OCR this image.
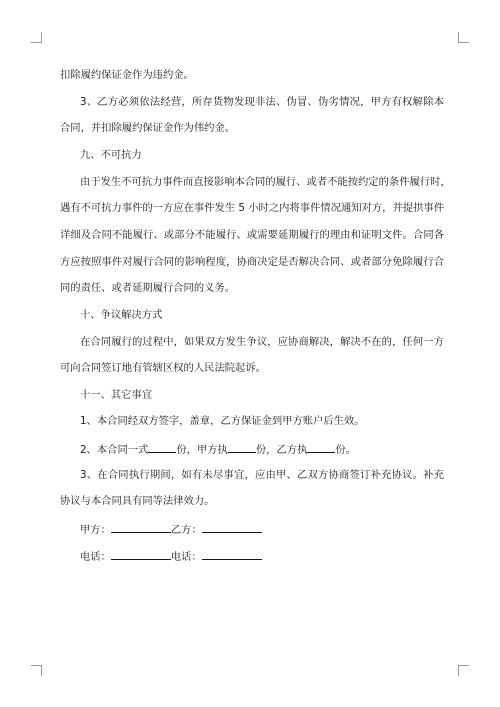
扣除履约保证金作为违约金。
3、乙方必须依法经营，所存货物发现非法、伪冒、伪劣情况，甲方有权解除本
合同，并扣除履约保证金作为伟约金。
九、不可抗力
由于发生不可抗力事件而直接影响本合同的履行、或者不能按约定的条件履行时，
遇有不可抗力事件的一方应在事件发生 5 小时之内将事件情况通知对方，并提拱事件
详细及合同不能履行、或部分不能履行、或需要延期履行的理由和证明文件。合同各
方应按照事件对履行合同的影响程度，协商决定是否解决合同、或者部分免除履行合
同的责任、或者延期履行合同的义务。
十、争议解决方式
在合同履行的过程中，如果双方发生争议，应协商解决，解决不在的，任何一方
可向合同签订地有管辖区权的人民法院起诉。
十一、其它事宜
1、本合同经双方签字，盖章，乙方保证金到甲方账户后生效。
2、本合同一式	份，甲方执	份，乙方执	份。
3、在合同执行期间，如有未尽事宜，应由甲、乙双方协商签订补充协议。补充
协议与本合同具有同等法律效力。
甲方：	乙方：
电话：	电话：
